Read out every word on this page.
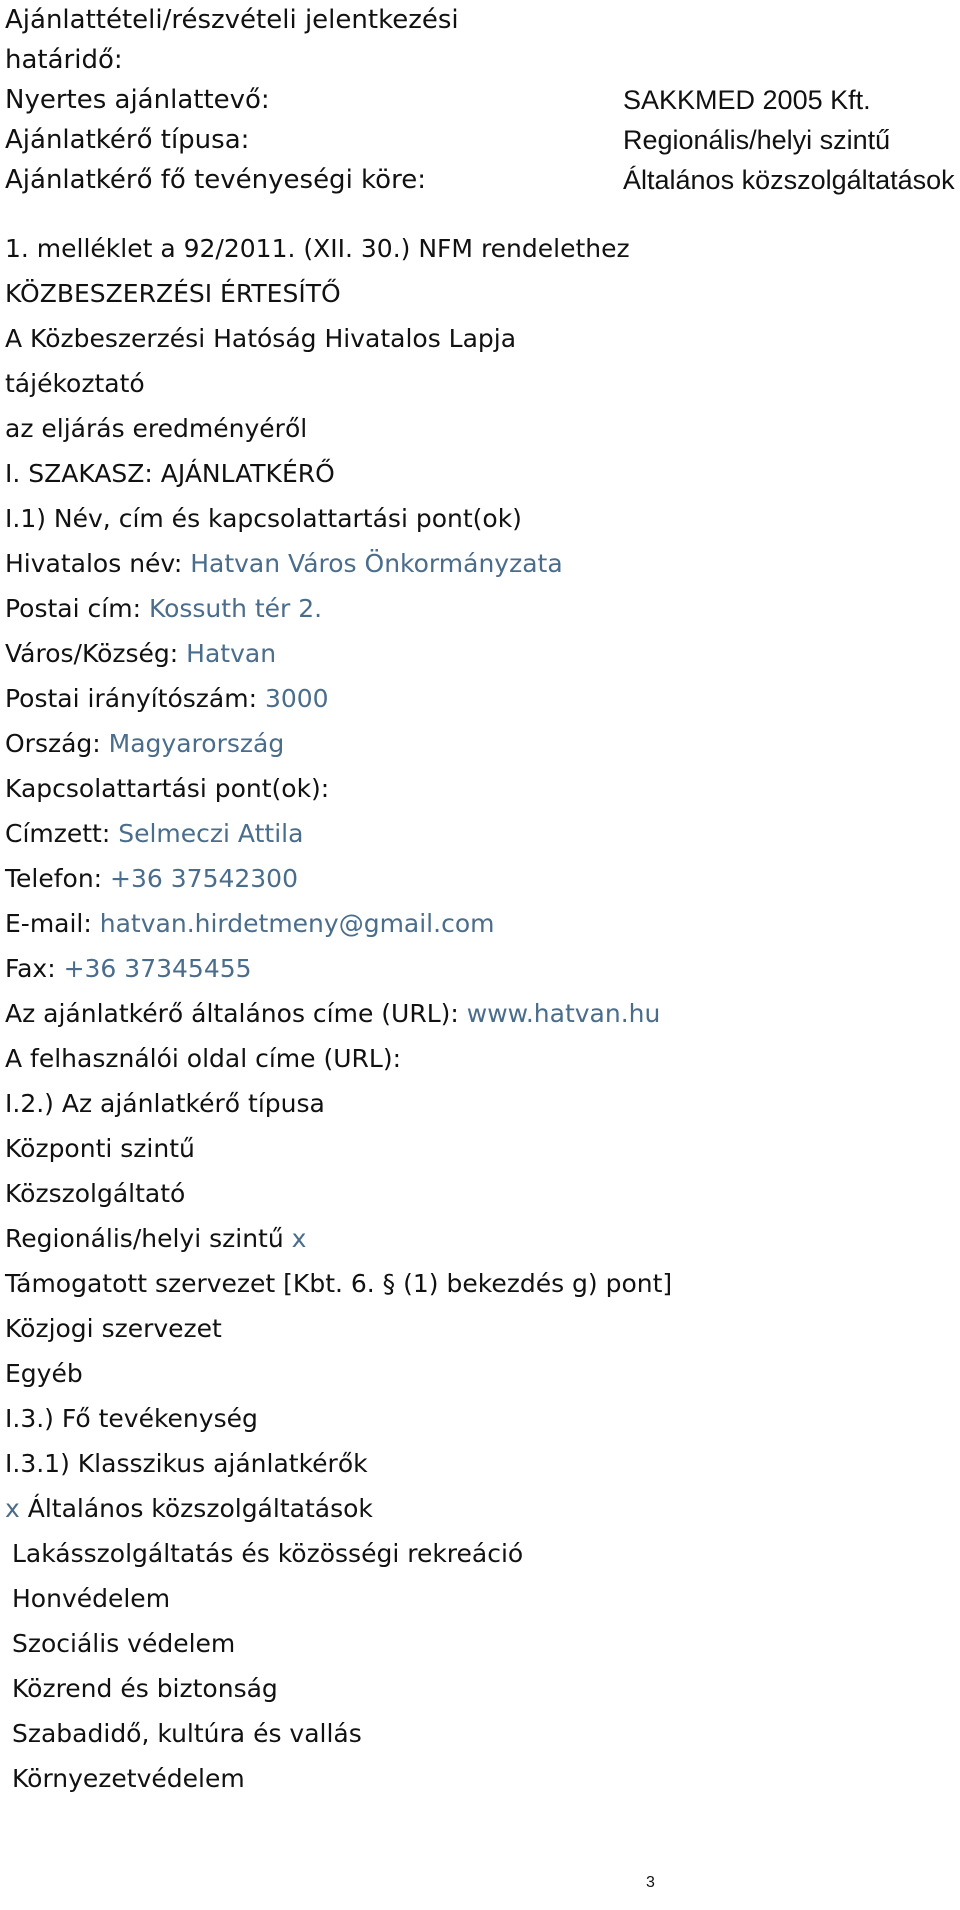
Ajánlattételi/részvételi jelentkezési
határidő:
Nyertes ajánlattevő:	SAKKMED 2005 Kft.
Ajánlatkérő típusa:	Regionális/helyi szintű
Ajánlatkérő fő tevényeségi köre:	Általános közszolgáltatások
1. melléklet a 92/2011. (XII. 30.) NFM rendelethez
KÖZBESZERZÉSI ÉRTESÍTŐ
A Közbeszerzési Hatóság Hivatalos Lapja
tájékoztató
az eljárás eredményéről
I. SZAKASZ: AJÁNLATKÉRŐ
I.1) Név, cím és kapcsolattartási pont(ok)
Hivatalos név: Hatvan Város Önkormányzata
Postai cím: Kossuth tér 2.
Város/Község: Hatvan
Postai irányítószám: 3000
Ország: Magyarország
Kapcsolattartási pont(ok):
Címzett: Selmeczi Attila
Telefon: +36 37542300
E-mail: hatvan.hirdetmeny@gmail.com
Fax: +36 37345455
Az ajánlatkérő általános címe (URL): www.hatvan.hu
A felhasználói oldal címe (URL):
I.2.) Az ajánlatkérő típusa
Központi szintű
Közszolgáltató
Regionális/helyi szintű x
Támogatott szervezet [Kbt. 6. § (1) bekezdés g) pont]
Közjogi szervezet
Egyéb
I.3.) Fő tevékenység
I.3.1) Klasszikus ajánlatkérők
x Általános közszolgáltatások
Lakásszolgáltatás és közösségi rekreáció
Honvédelem
Szociális védelem
Közrend és biztonság
Szabadidő, kultúra és vallás
Környezetvédelem
3
